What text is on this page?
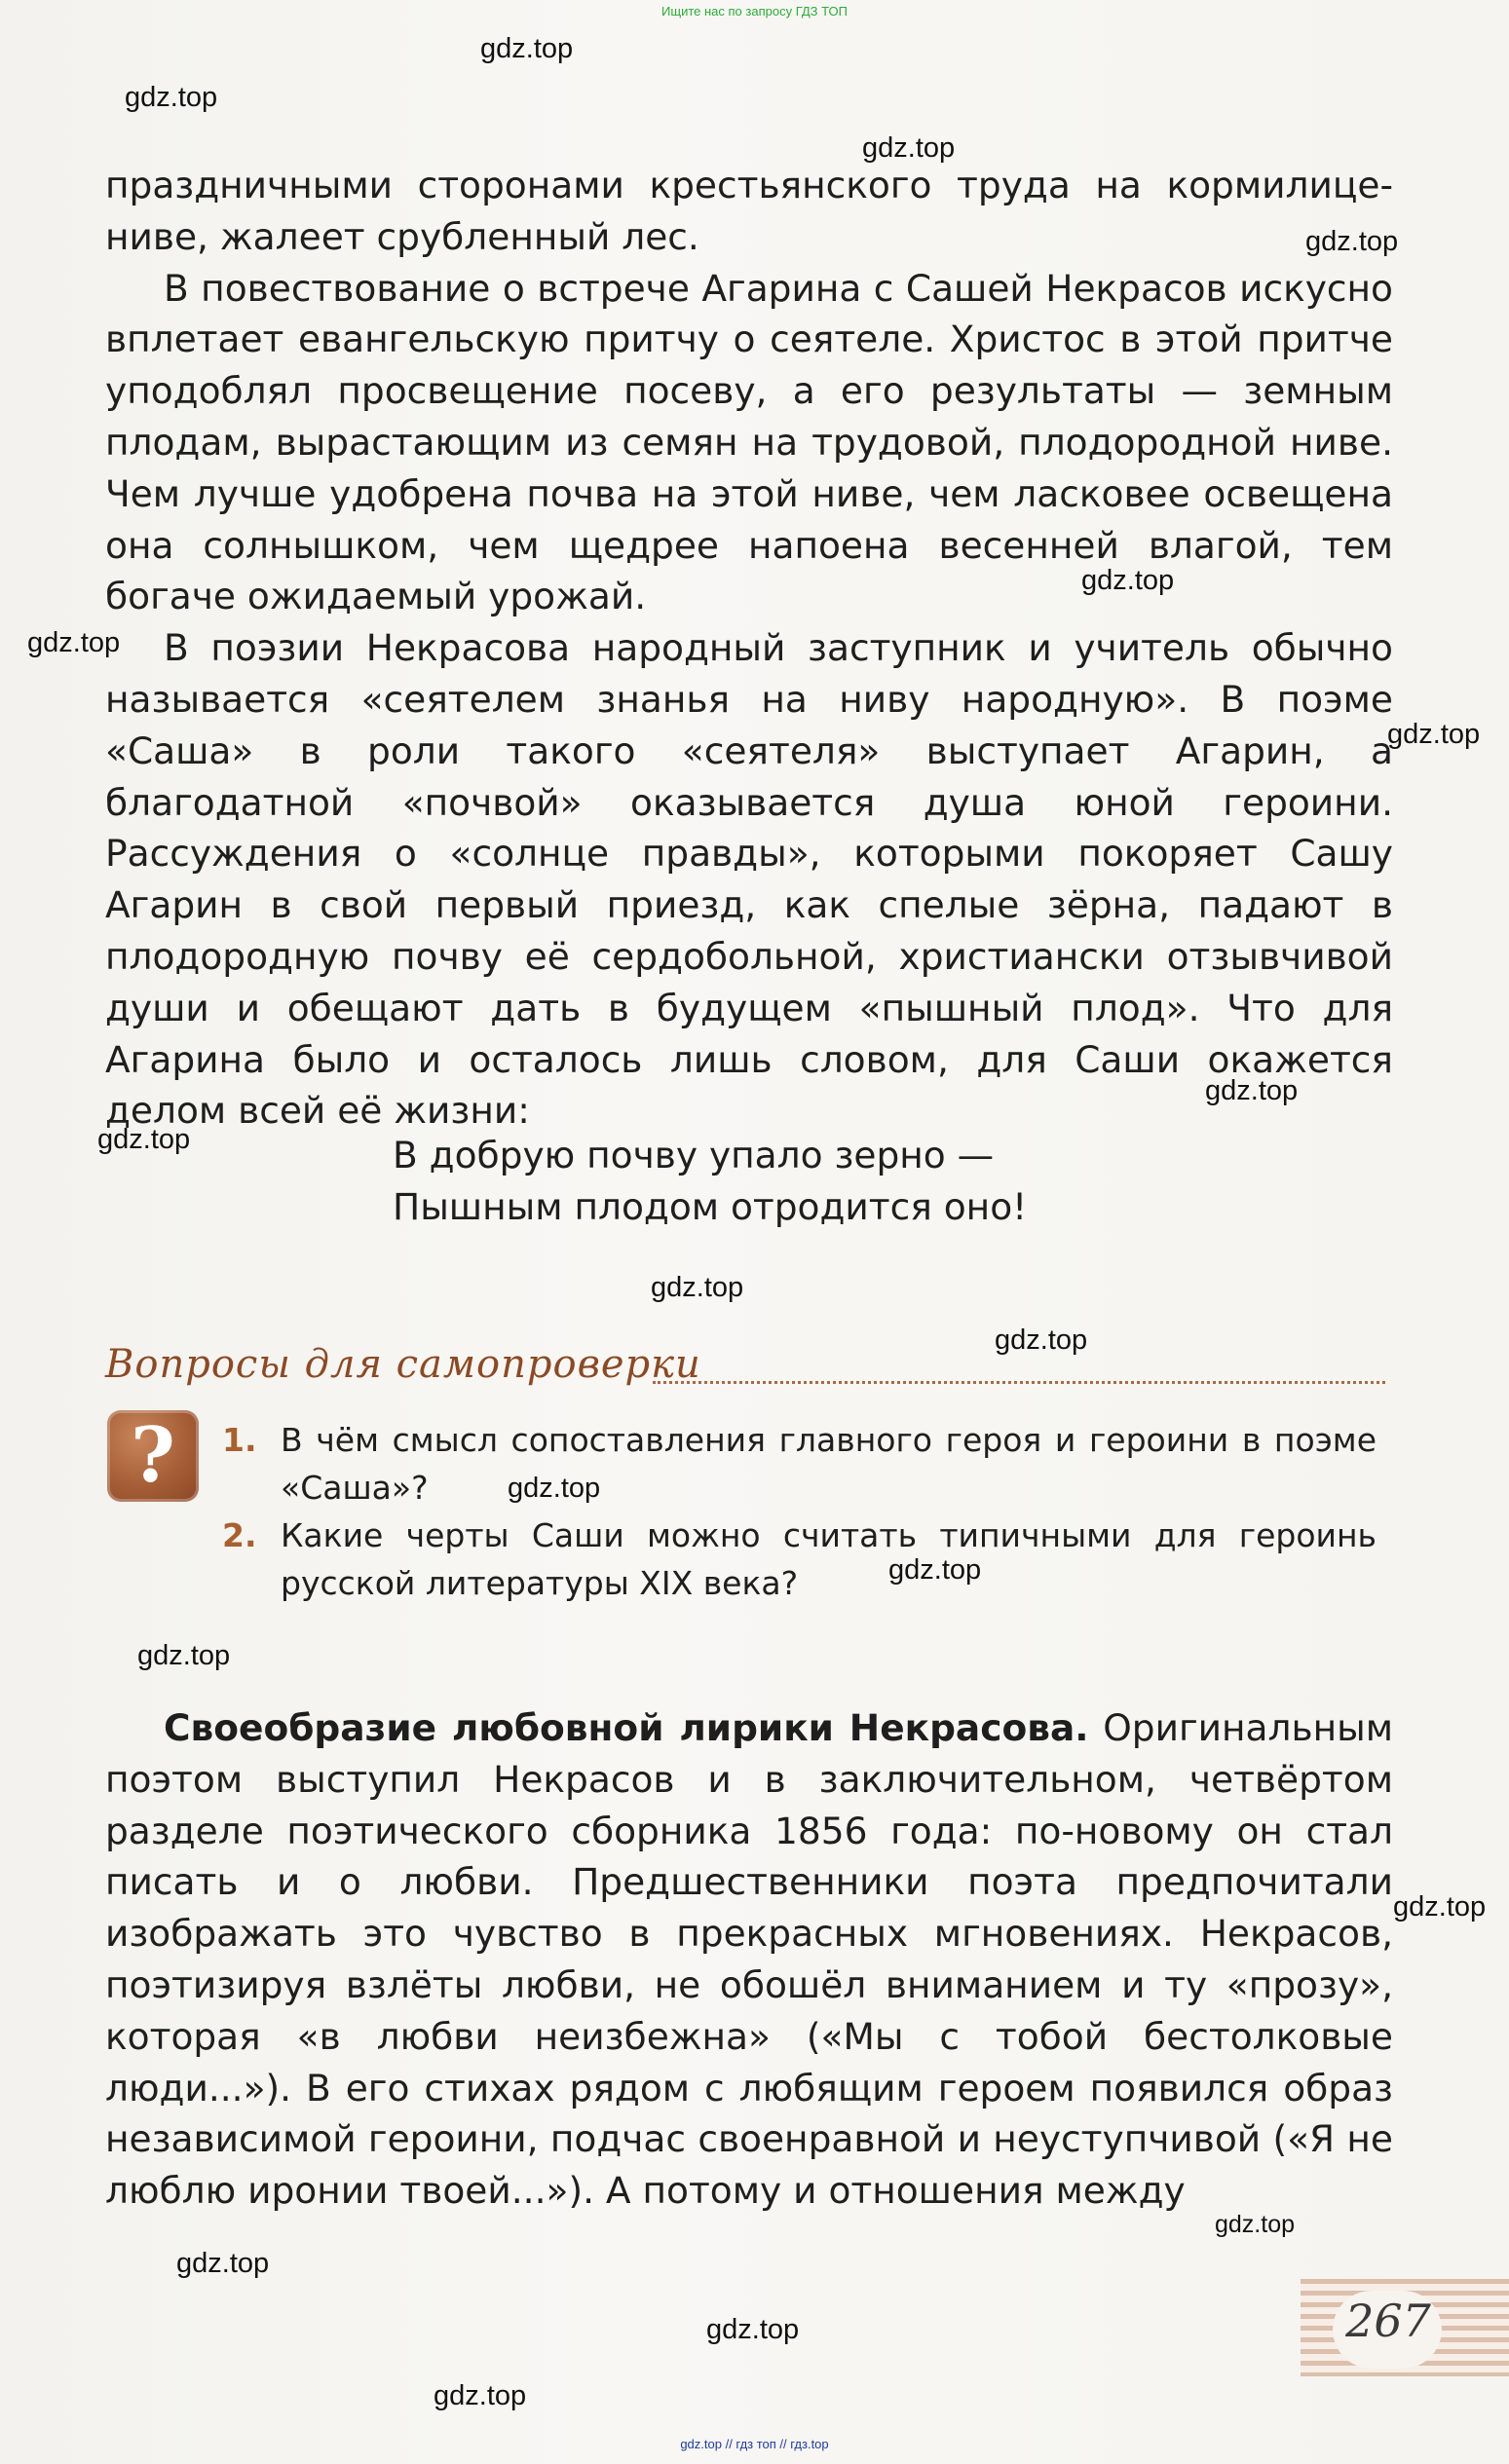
Ищите нас по запросу ГДЗ ТОП

праздничными сторонами крестьянского труда на кормилице-ниве, жалеет срубленный лес.

В повествование о встрече Агарина с Сашей Некрасов искусно вплетает евангельскую притчу о сеятеле. Христос в этой притче уподоблял просвещение посеву, а его результаты — земным плодам, вырастающим из семян на трудовой, плодородной ниве. Чем лучше удобрена почва на этой ниве, чем ласковее освещена она солнышком, чем щедрее напоена весенней влагой, тем богаче ожидаемый урожай.

В поэзии Некрасова народный заступник и учитель обычно называется «сеятелем знанья на ниву народную». В поэме «Саша» в роли такого «сеятеля» выступает Агарин, а благодатной «почвой» оказывается душа юной героини. Рассуждения о «солнце правды», которыми покоряет Сашу Агарин в свой первый приезд, как спелые зёрна, падают в плодородную почву её сердобольной, христиански отзывчивой души и обещают дать в будущем «пышный плод». Что для Агарина было и осталось лишь словом, для Саши окажется делом всей её жизни:

В добрую почву упало зерно —
Пышным плодом отродится оно!
Вопросы для самопроверки
?	1. В чём смысл сопоставления главного героя и героини в поэме «Саша»?
2. Какие черты Саши можно считать типичными для героинь русской литературы XIX века?

Своеобразие любовной лирики Некрасова. Оригинальным поэтом выступил Некрасов и в заключительном, четвёртом разделе поэтического сборника 1856 года: по-новому он стал писать и о любви. Предшественники поэта предпочитали изображать это чувство в прекрасных мгновениях. Некрасов, поэтизируя взлёты любви, не обошёл вниманием и ту «прозу», которая «в любви неизбежна» («Мы с тобой бестолковые люди...»). В его стихах рядом с любящим героем появился образ независимой героини, подчас своенравной и неуступчивой («Я не люблю иронии твоей...»). А потому и отношения между

267
gdz.top
gdz.top
gdz.top
gdz.top
gdz.top
gdz.top
gdz.top
gdz.top
gdz.top
gdz.top
gdz.top
gdz.top
gdz.top
gdz.top
gdz.top
gdz.top
gdz.top
gdz.top
gdz.top
gdz.top // гдз топ // гдз.top
